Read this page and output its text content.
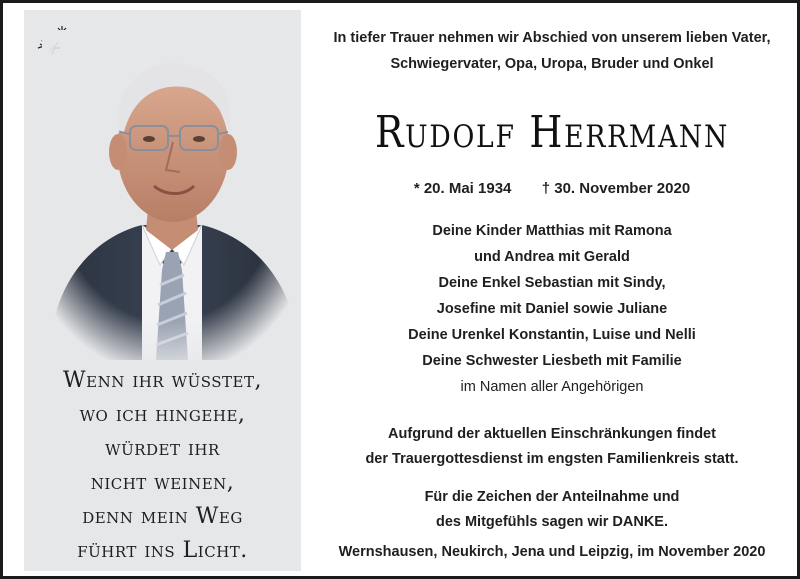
Wenn ihr wüsstet,
wo ich hingehe,
würdet ihr
nicht weinen,
denn mein Weg
führt ins Licht.
In tiefer Trauer nehmen wir Abschied von unserem lieben Vater,
Schwiegervater, Opa, Uropa, Bruder und Onkel
Rudolf Herrmann
* 20. Mai 1934 † 30. November 2020
Deine Kinder Matthias mit Ramona
und Andrea mit Gerald
Deine Enkel Sebastian mit Sindy,
Josefine mit Daniel sowie Juliane
Deine Urenkel Konstantin, Luise und Nelli
Deine Schwester Liesbeth mit Familie
im Namen aller Angehörigen
Aufgrund der aktuellen Einschränkungen findet
der Trauergottesdienst im engsten Familienkreis statt.
Für die Zeichen der Anteilnahme und
des Mitgefühls sagen wir DANKE.
Wernshausen, Neukirch, Jena und Leipzig, im November 2020
